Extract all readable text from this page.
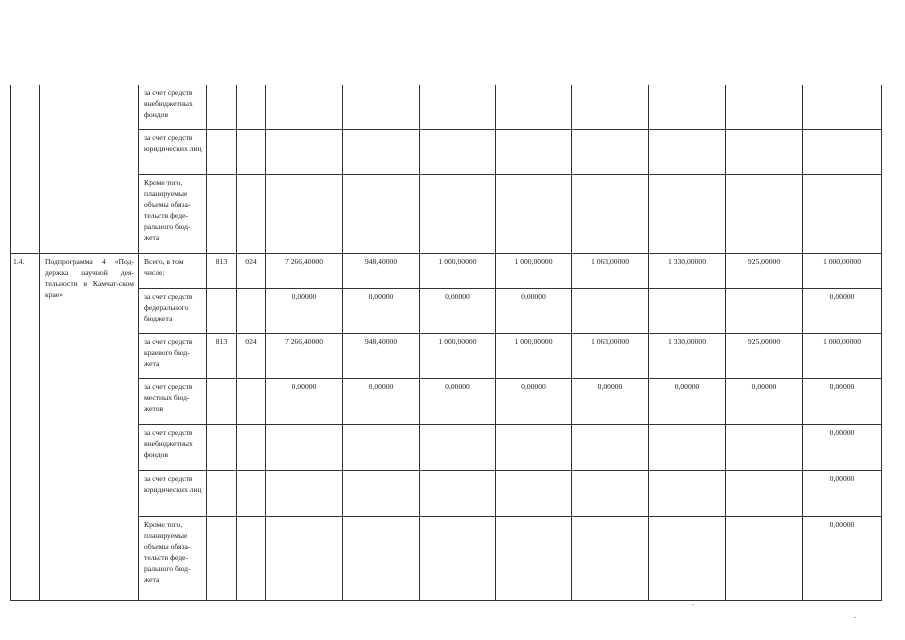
		за счет средств внебюджетных фондов										
		за счет средств юридических лиц										
		Кроме того, планируемые объемы обяза-тельств феде-рального бюд-жета										
1.4.	Подпрограмма 4 «Под-держка научной дея-тельности в Камчат-ском крае»	Всего, в том числе:	813	024	7 266,40000	948,40000	1 000,00000	1 000,00000	1 063,00000	1 330,00000	925,00000	1 000,00000
		за счет средств федерального бюджета			0,00000	0,00000	0,00000	0,00000				0,00000
		за счет средств краевого бюд-жета	813	024	7 266,40000	948,40000	1 000,00000	1 000,00000	1 063,00000	1 330,00000	925,00000	1 000,00000
		за счет средств местных бюд-жетов			0,00000	0,00000	0,00000	0,00000	0,00000	0,00000	0,00000	0,00000
		за счет средств внебюджетных фондов										0,00000
		за счет средств юридических лиц										0,00000
		Кроме того, планируемые объемы обяза-тельств феде-рального бюд-жета										0,00000
